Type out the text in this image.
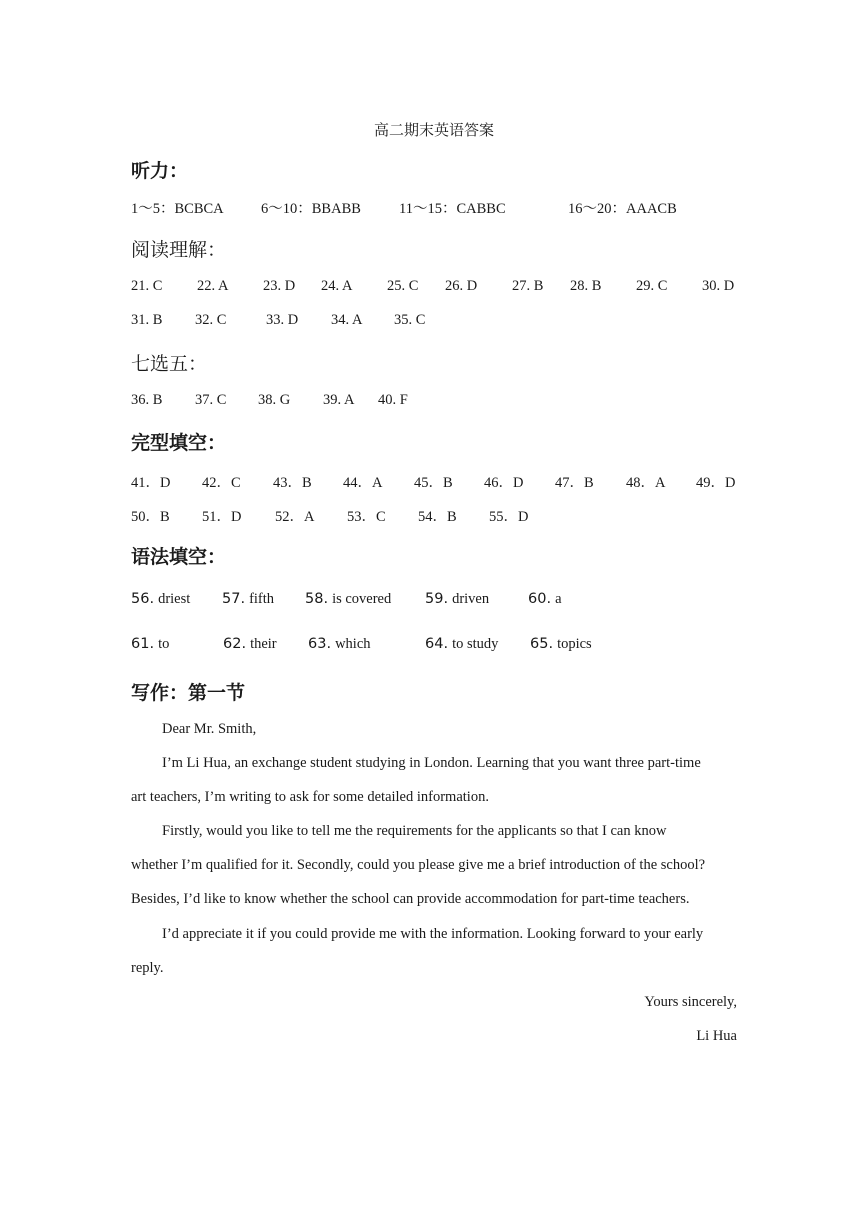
高二期末英语答案
听力：
1～5：BCBCA	6～10：BBABB	11～15：CABBC	16～20：AAACB
阅读理解：
21. C 22. A 23. D 24. A 25. C 26. D 27. B 28. B 29. C 30. D
31. B 32. C	33. D 34. A 35. C
七选五：
36. B 37. C 38. G 39. A 40. F
完型填空：
41．D 42．C 43．B 44．A 45．B 46．D 47．B 48．A 49．D
50．B 51．D 52．A 53．C 54．B 55．D
语法填空：
56. driest 57. fifth 58. is covered 59. driven	60. a
61. to	62. their 63. which	64. to study 65. topics
写作：第一节
Dear Mr. Smith,
I’m Li Hua, an exchange student studying in London. Learning that you want three part-time
art teachers, I’m writing to ask for some detailed information.
Firstly, would you like to tell me the requirements for the applicants so that I can know
whether I’m qualified for it. Secondly, could you please give me a brief introduction of the school?
Besides, I’d like to know whether the school can provide accommodation for part-time teachers.
I’d appreciate it if you could provide me with the information. Looking forward to your early
reply.
Yours sincerely,
Li Hua
